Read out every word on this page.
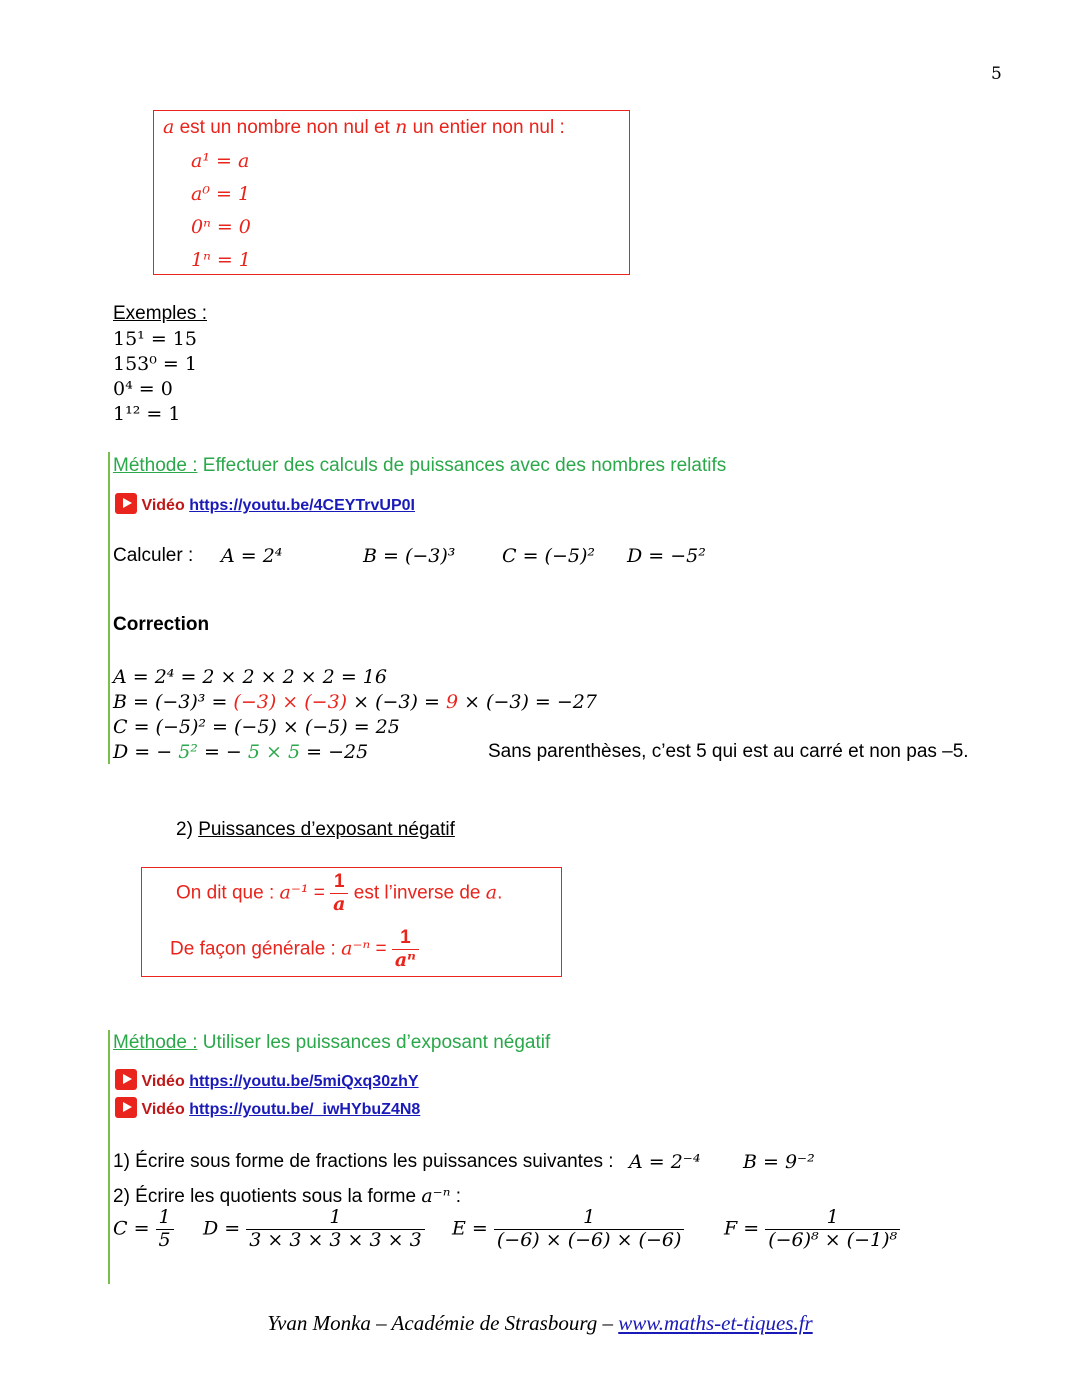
5
a est un nombre non nul et n un entier non nul :
a¹ = a
a⁰ = 1
0ⁿ = 0
1ⁿ = 1
Exemples :
15¹ = 15
153⁰ = 1
0⁴ = 0
1¹² = 1
Méthode : Effectuer des calculs de puissances avec des nombres relatifs
Vidéo https://youtu.be/4CEYTrvUP0I
Calculer : A = 2⁴	B = (−3)³ C = (−5)² D = −5²
Correction
A = 2⁴ = 2 × 2 × 2 × 2 = 16
B = (−3)³ = (−3) × (−3) × (−3) = 9 × (−3) = −27
C = (−5)² = (−5) × (−5) = 25
D = − 5² = − 5 × 5 = −25	Sans parenthèses, c’est 5 qui est au carré et non pas –5.
2) Puissances d’exposant négatif
On dit que : $a^{-1} = \frac{1}{a}$ est l’inverse de a.
De façon générale : $a^{-n} = \frac{1}{\text{aⁿ}}$
Méthode : Utiliser les puissances d’exposant négatif
Vidéo https://youtu.be/5miQxq30zhY
Vidéo https://youtu.be/_iwHYbuZ4N8
1) Écrire sous forme de fractions les puissances suivantes : A = 2⁻⁴ B = 9⁻²
2) Écrire les quotients sous la forme a⁻ⁿ :
$C = \frac{1}{5}$ $D = \frac{1}{3 \times 3 \times 3 \times 3 \times 3}$ $E = \frac{1}{(-6) \times (-6) \times (-6)}$ $F = \frac{1}{\text{(−6)⁸ × (−1)⁸}}$
Yvan Monka – Académie de Strasbourg – www.maths-et-tiques.fr
